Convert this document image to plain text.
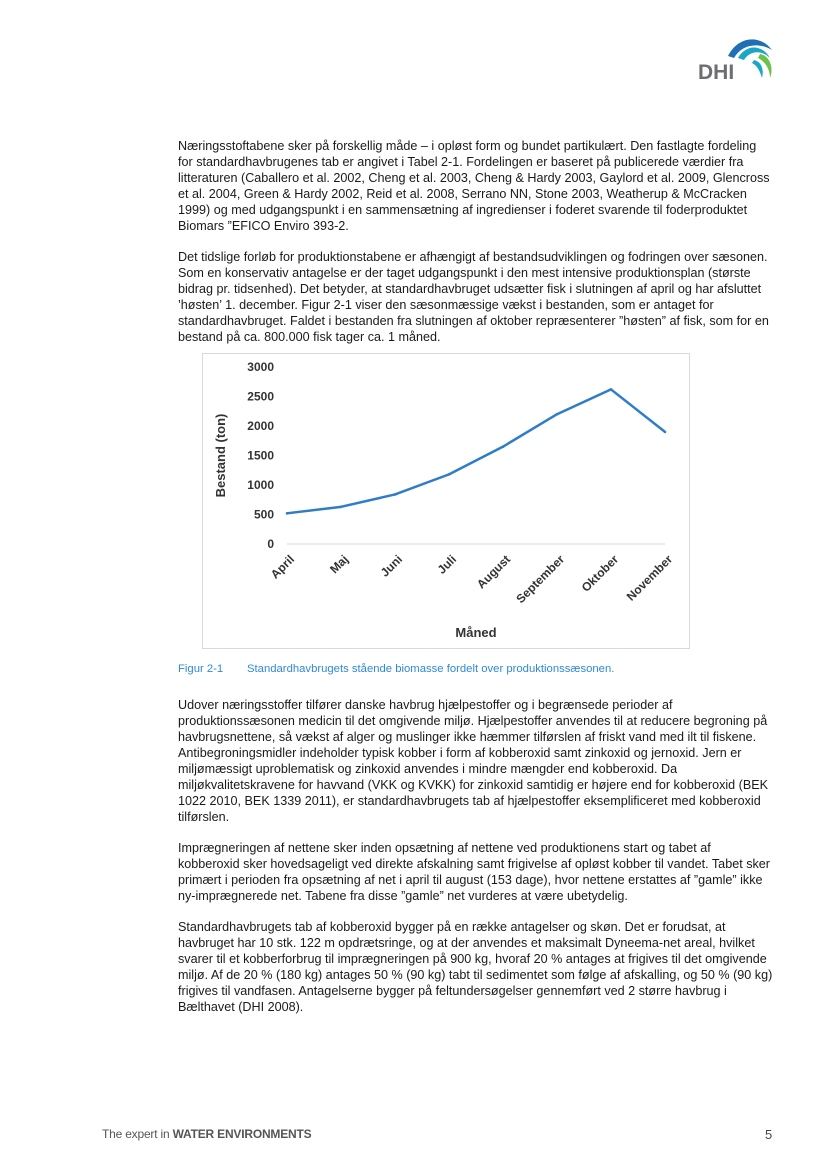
DHI

Næringsstoftabene sker på forskellig måde – i opløst form og bundet partikulært. Den fastlagte fordeling for standardhavbrugenes tab er angivet i Tabel 2-1. Fordelingen er baseret på publicerede værdier fra litteraturen (Caballero et al. 2002, Cheng et al. 2003, Cheng & Hardy 2003, Gaylord et al. 2009, Glencross et al. 2004, Green & Hardy 2002, Reid et al. 2008, Serrano NN, Stone 2003, Weatherup & McCracken 1999) og med udgangspunkt i en sammensætning af ingredienser i foderet svarende til foderproduktet Biomars ”EFICO Enviro 393-2.

Det tidslige forløb for produktionstabene er afhængigt af bestandsudviklingen og fodringen over sæsonen. Som en konservativ antagelse er der taget udgangspunkt i den mest intensive produktionsplan (største bidrag pr. tidsenhed). Det betyder, at standardhavbruget udsætter fisk i slutningen af april og har afsluttet ’høsten’ 1. december. Figur 2-1 viser den sæsonmæssige vækst i bestanden, som er antaget for standardhavbruget. Faldet i bestanden fra slutningen af oktober repræsenterer ”høsten” af fisk, som for en bestand på ca. 800.000 fisk tager ca. 1 måned.

0
500
1000
1500
2000
2500
3000
April Maj Juni Juli August September Oktober November
Måned
Bestand (ton)
Figur 2-1 Standardhavbrugets stående biomasse fordelt over produktionssæsonen.

Udover næringsstoffer tilfører danske havbrug hjælpestoffer og i begrænsede perioder af produktionssæsonen medicin til det omgivende miljø. Hjælpestoffer anvendes til at reducere begroning på havbrugsnettene, så vækst af alger og muslinger ikke hæmmer tilførslen af friskt vand med ilt til fiskene. Antibegroningsmidler indeholder typisk kobber i form af kobberoxid samt zinkoxid og jernoxid. Jern er miljømæssigt uproblematisk og zinkoxid anvendes i mindre mængder end kobberoxid. Da miljøkvalitetskravene for havvand (VKK og KVKK) for zinkoxid samtidig er højere end for kobberoxid (BEK 1022 2010, BEK 1339 2011), er standardhavbrugets tab af hjælpestoffer eksemplificeret med kobberoxid tilførslen.

Imprægneringen af nettene sker inden opsætning af nettene ved produktionens start og tabet af kobberoxid sker hovedsageligt ved direkte afskalning samt frigivelse af opløst kobber til vandet. Tabet sker primært i perioden fra opsætning af net i april til august (153 dage), hvor nettene erstattes af ”gamle” ikke ny-imprægnerede net. Tabene fra disse ”gamle” net vurderes at være ubetydelig.

Standardhavbrugets tab af kobberoxid bygger på en række antagelser og skøn. Det er forudsat, at havbruget har 10 stk. 122 m opdrætsringe, og at der anvendes et maksimalt Dyneema-net areal, hvilket svarer til et kobberforbrug til imprægneringen på 900 kg, hvoraf 20 % antages at frigives til det omgivende miljø. Af de 20 % (180 kg) antages 50 % (90 kg) tabt til sedimentet som følge af afskalling, og 50 % (90 kg) frigives til vandfasen. Antagelserne bygger på feltundersøgelser gennemført ved 2 større havbrug i Bælthavet (DHI 2008).

The expert in WATER ENVIRONMENTS	5
